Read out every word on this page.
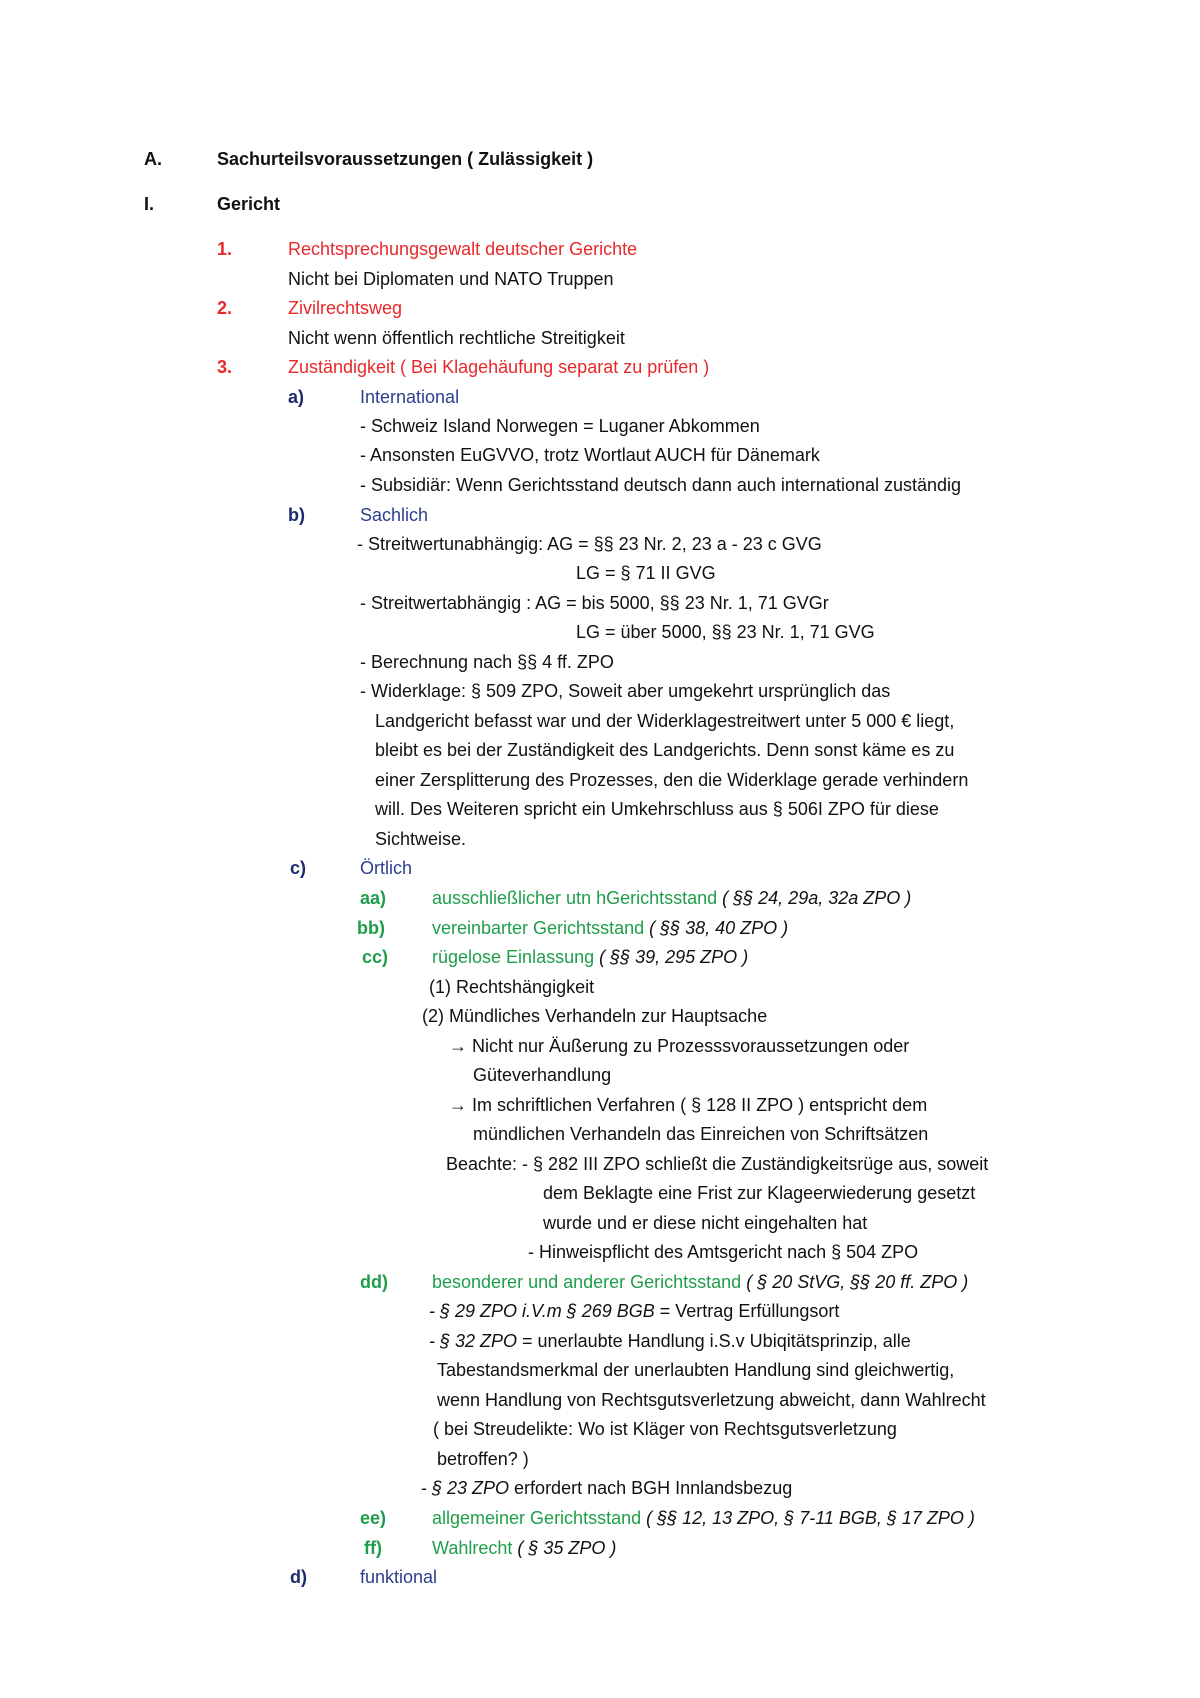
A.	Sachurteilsvoraussetzungen ( Zulässigkeit )
I.	Gericht
1.	Rechtsprechungsgewalt deutscher Gerichte
Nicht bei Diplomaten und NATO Truppen
2.	Zivilrechtsweg
Nicht wenn öffentlich rechtliche Streitigkeit
3.	Zuständigkeit ( Bei Klagehäufung separat zu prüfen )
a)	International
- Schweiz Island Norwegen = Luganer Abkommen
- Ansonsten EuGVVO, trotz Wortlaut AUCH für Dänemark
- Subsidiär: Wenn Gerichtsstand deutsch dann auch international zuständig
b)	Sachlich
- Streitwertunabhängig: AG = §§ 23 Nr. 2, 23 a - 23 c GVG
LG = § 71 II GVG
- Streitwertabhängig : AG = bis 5000, §§ 23 Nr. 1, 71 GVGr
LG = über 5000, §§ 23 Nr. 1, 71 GVG
- Berechnung nach §§ 4 ff. ZPO
- Widerklage: § 509 ZPO, Soweit aber umgekehrt ursprünglich das
Landgericht befasst war und der Widerklagestreitwert unter 5 000 € liegt,
bleibt es bei der Zuständigkeit des Landgerichts. Denn sonst käme es zu
einer Zersplitterung des Prozesses, den die Widerklage gerade verhindern
will. Des Weiteren spricht ein Umkehrschluss aus § 506I ZPO für diese
Sichtweise.
c)	Örtlich
aa)	ausschließlicher utn hGerichtsstand ( §§ 24, 29a, 32a ZPO )
bb)	vereinbarter Gerichtsstand ( §§ 38, 40 ZPO )
cc) rügelose Einlassung ( §§ 39, 295 ZPO )
(1) Rechtshängigkeit
(2) Mündliches Verhandeln zur Hauptsache
→ Nicht nur Äußerung zu Prozesssvoraussetzungen oder
Güteverhandlung
→ Im schriftlichen Verfahren ( § 128 II ZPO ) entspricht dem
mündlichen Verhandeln das Einreichen von Schriftsätzen
Beachte: - § 282 III ZPO schließt die Zuständigkeitsrüge aus, soweit
dem Beklagte eine Frist zur Klageerwiederung gesetzt
wurde und er diese nicht eingehalten hat
- Hinweispflicht des Amtsgericht nach § 504 ZPO
dd) besonderer und anderer Gerichtsstand ( § 20 StVG, §§ 20 ff. ZPO )
- § 29 ZPO i.V.m § 269 BGB = Vertrag Erfüllungsort
- § 32 ZPO = unerlaubte Handlung i.S.v Ubiqitätsprinzip, alle
Tabestandsmerkmal der unerlaubten Handlung sind gleichwertig,
wenn Handlung von Rechtsgutsverletzung abweicht, dann Wahlrecht
( bei Streudelikte: Wo ist Kläger von Rechtsgutsverletzung
betroffen? )
- § 23 ZPO erfordert nach BGH Innlandsbezug
ee)	allgemeiner Gerichtsstand ( §§ 12, 13 ZPO, § 7-11 BGB, § 17 ZPO )
ff)	Wahlrecht ( § 35 ZPO )
d)	funktional
